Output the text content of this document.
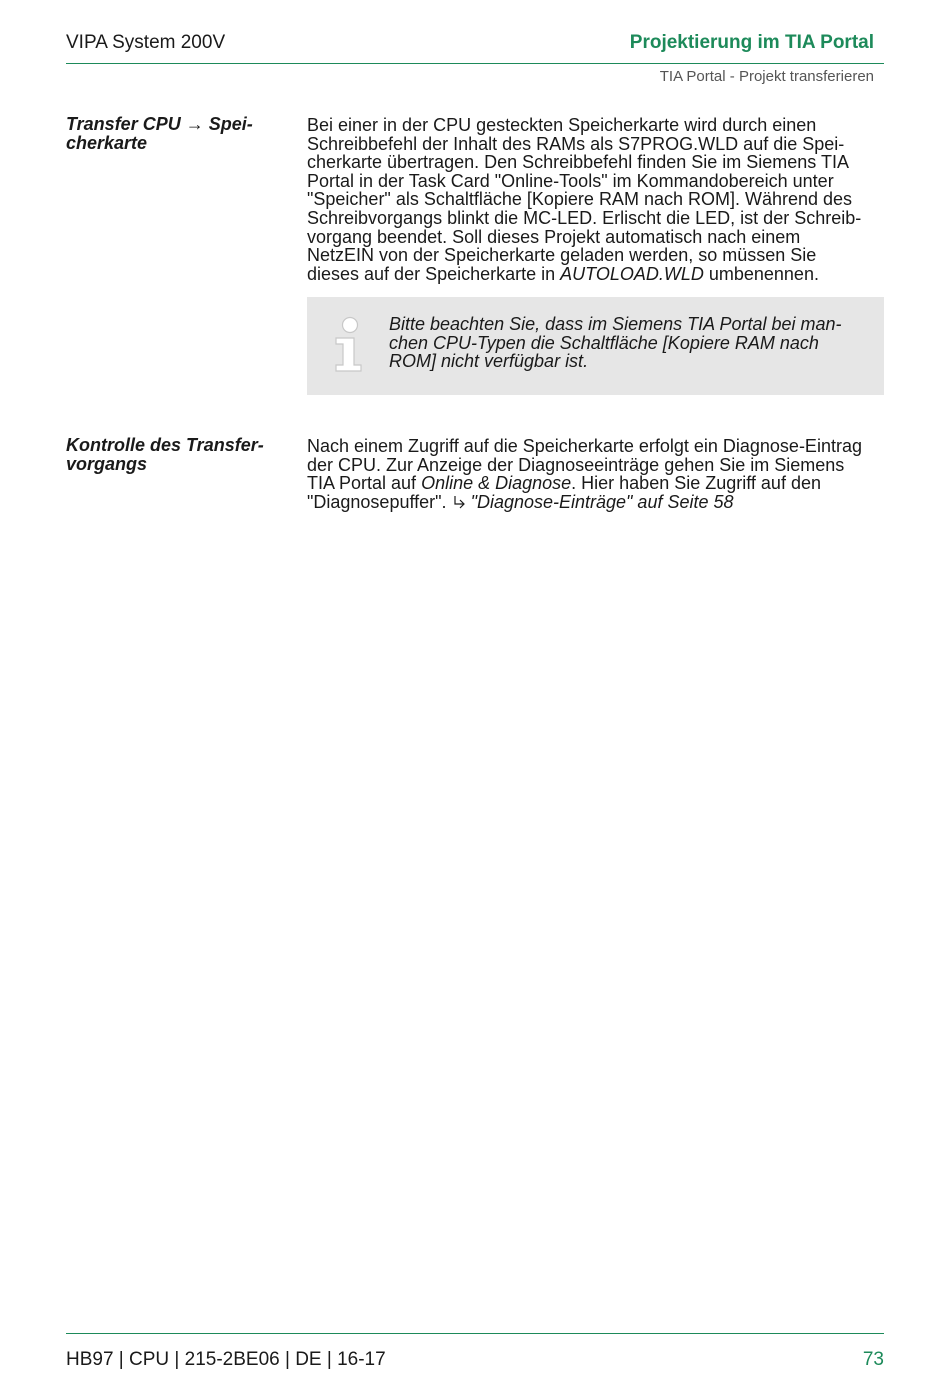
VIPA System 200V	Projektierung im TIA Portal
TIA Portal - Projekt transferieren
Transfer CPU → Spei-
cherkarte
Bei einer in der CPU gesteckten Speicherkarte wird durch einen
Schreibbefehl der Inhalt des RAMs als S7PROG.WLD auf die Spei-
cherkarte übertragen. Den Schreibbefehl finden Sie im Siemens TIA
Portal in der Task Card "Online-Tools" im Kommandobereich unter
"Speicher" als Schaltfläche [Kopiere RAM nach ROM]. Während des
Schreibvorgangs blinkt die MC-LED. Erlischt die LED, ist der Schreib-
vorgang beendet. Soll dieses Projekt automatisch nach einem
NetzEIN von der Speicherkarte geladen werden, so müssen Sie
dieses auf der Speicherkarte in AUTOLOAD.WLD umbenennen.
Bitte beachten Sie, dass im Siemens TIA Portal bei man-
chen CPU-Typen die Schaltfläche [Kopiere RAM nach
ROM] nicht verfügbar ist.
Kontrolle des Transfer-
vorgangs
Nach einem Zugriff auf die Speicherkarte erfolgt ein Diagnose-Eintrag
der CPU. Zur Anzeige der Diagnoseeinträge gehen Sie im Siemens
TIA Portal auf Online & Diagnose. Hier haben Sie Zugriff auf den
"Diagnosepuffer".  "Diagnose-Einträge" auf Seite 58
HB97 | CPU | 215-2BE06 | DE | 16-17	73
